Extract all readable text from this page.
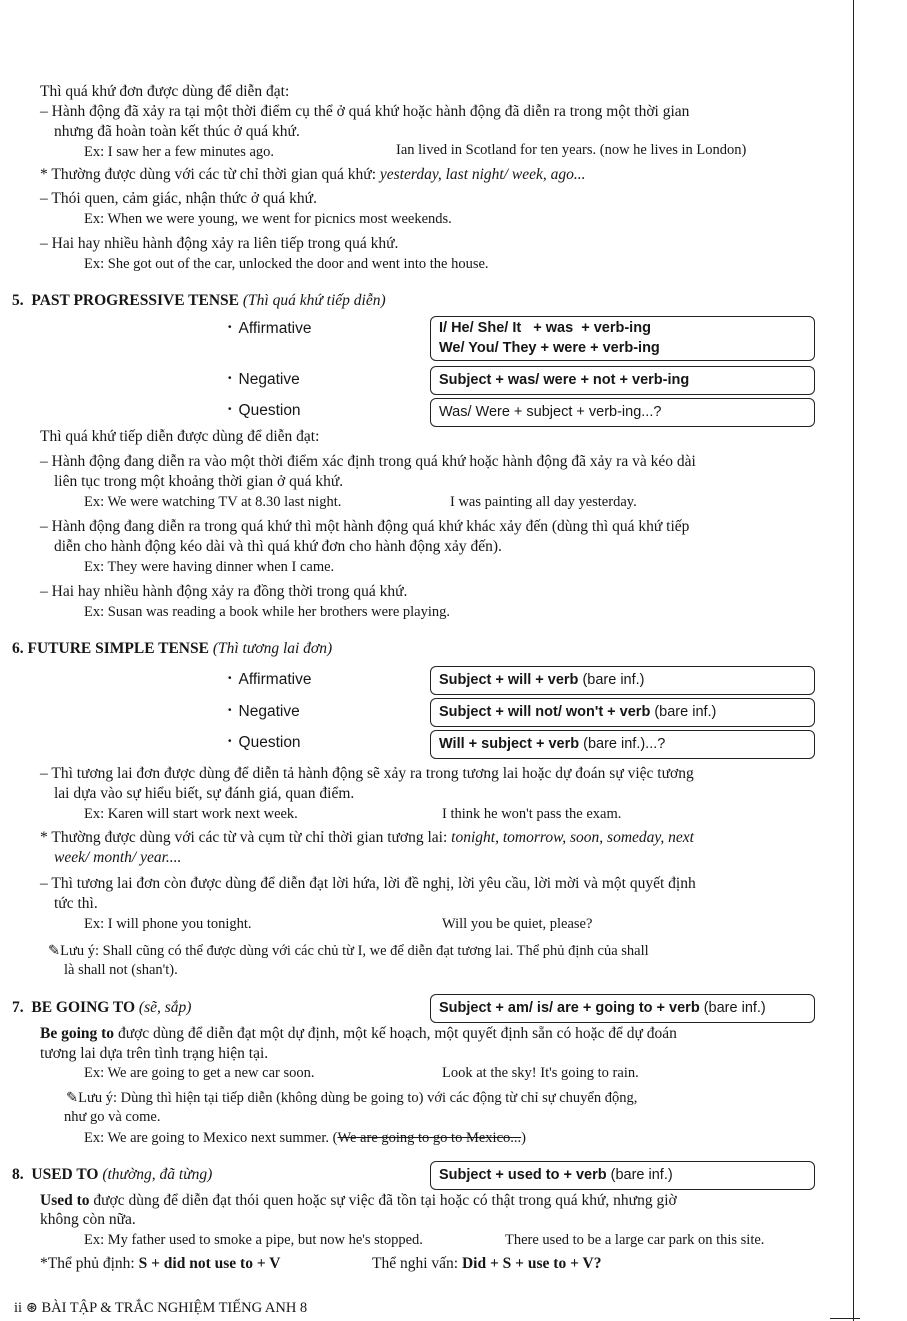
Thì quá khứ đơn được dùng để diễn đạt:
– Hành động đã xảy ra tại một thời điểm cụ thể ở quá khứ hoặc hành động đã diễn ra trong một thời gian
nhưng đã hoàn toàn kết thúc ở quá khứ.
Ex: I saw her a few minutes ago.	Ian lived in Scotland for ten years. (now he lives in London)
* Thường được dùng với các từ chỉ thời gian quá khứ: yesterday, last night/ week, ago...
– Thói quen, cảm giác, nhận thức ở quá khứ.
Ex: When we were young, we went for picnics most weekends.
– Hai hay nhiều hành động xảy ra liên tiếp trong quá khứ.
Ex: She got out of the car, unlocked the door and went into the house.
5. PAST PROGRESSIVE TENSE (Thì quá khứ tiếp diễn)
• Affirmative	I/ He/ She/ It   + was  + verb-ing
We/ You/ They + were + verb-ing
• Negative	Subject + was/ were + not + verb-ing
• Question	Was/ Were + subject + verb-ing...?
Thì quá khứ tiếp diễn được dùng để diễn đạt:
– Hành động đang diễn ra vào một thời điểm xác định trong quá khứ hoặc hành động đã xảy ra và kéo dài
liên tục trong một khoảng thời gian ở quá khứ.
Ex: We were watching TV at 8.30 last night.	I was painting all day yesterday.
– Hành động đang diễn ra trong quá khứ thì một hành động quá khứ khác xảy đến (dùng thì quá khứ tiếp
diễn cho hành động kéo dài và thì quá khứ đơn cho hành động xảy đến).
Ex: They were having dinner when I came.
– Hai hay nhiều hành động xảy ra đồng thời trong quá khứ.
Ex: Susan was reading a book while her brothers were playing.
6. FUTURE SIMPLE TENSE (Thì tương lai đơn)
• Affirmative	Subject + will + verb (bare inf.)
• Negative	Subject + will not/ won't + verb (bare inf.)
• Question	Will + subject + verb (bare inf.)...?
– Thì tương lai đơn được dùng để diễn tả hành động sẽ xảy ra trong tương lai hoặc dự đoán sự việc tương
lai dựa vào sự hiểu biết, sự đánh giá, quan điểm.
Ex: Karen will start work next week.	I think he won't pass the exam.
* Thường được dùng với các từ và cụm từ chỉ thời gian tương lai: tonight, tomorrow, soon, someday, next
week/ month/ year....
– Thì tương lai đơn còn được dùng để diễn đạt lời hứa, lời đề nghị, lời yêu cầu, lời mời và một quyết định
tức thì.
Ex: I will phone you tonight.	Will you be quiet, please?
✎Lưu ý: Shall cũng có thể được dùng với các chủ từ I, we để diễn đạt tương lai. Thể phủ định của shall
là shall not (shan't).
7. BE GOING TO (sẽ, sắp)	Subject + am/ is/ are + going to + verb (bare inf.)
Be going to được dùng để diễn đạt một dự định, một kế hoạch, một quyết định sẵn có hoặc để dự đoán
tương lai dựa trên tình trạng hiện tại.
Ex: We are going to get a new car soon.	Look at the sky! It's going to rain.
✎Lưu ý: Dùng thì hiện tại tiếp diễn (không dùng be going to) với các động từ chỉ sự chuyển động,
như go và come.
Ex: We are going to Mexico next summer. (We are going to go to Mexico...)
8. USED TO (thường, đã từng)	Subject + used to + verb (bare inf.)
Used to được dùng để diễn đạt thói quen hoặc sự việc đã tồn tại hoặc có thật trong quá khứ, nhưng giờ
không còn nữa.
Ex: My father used to smoke a pipe, but now he's stopped.	There used to be a large car park on this site.
*Thể phủ định: S + did not use to + V	Thể nghi vấn: Did + S + use to + V?
ii ⊛ BÀI TẬP & TRẮC NGHIỆM TIẾNG ANH 8
